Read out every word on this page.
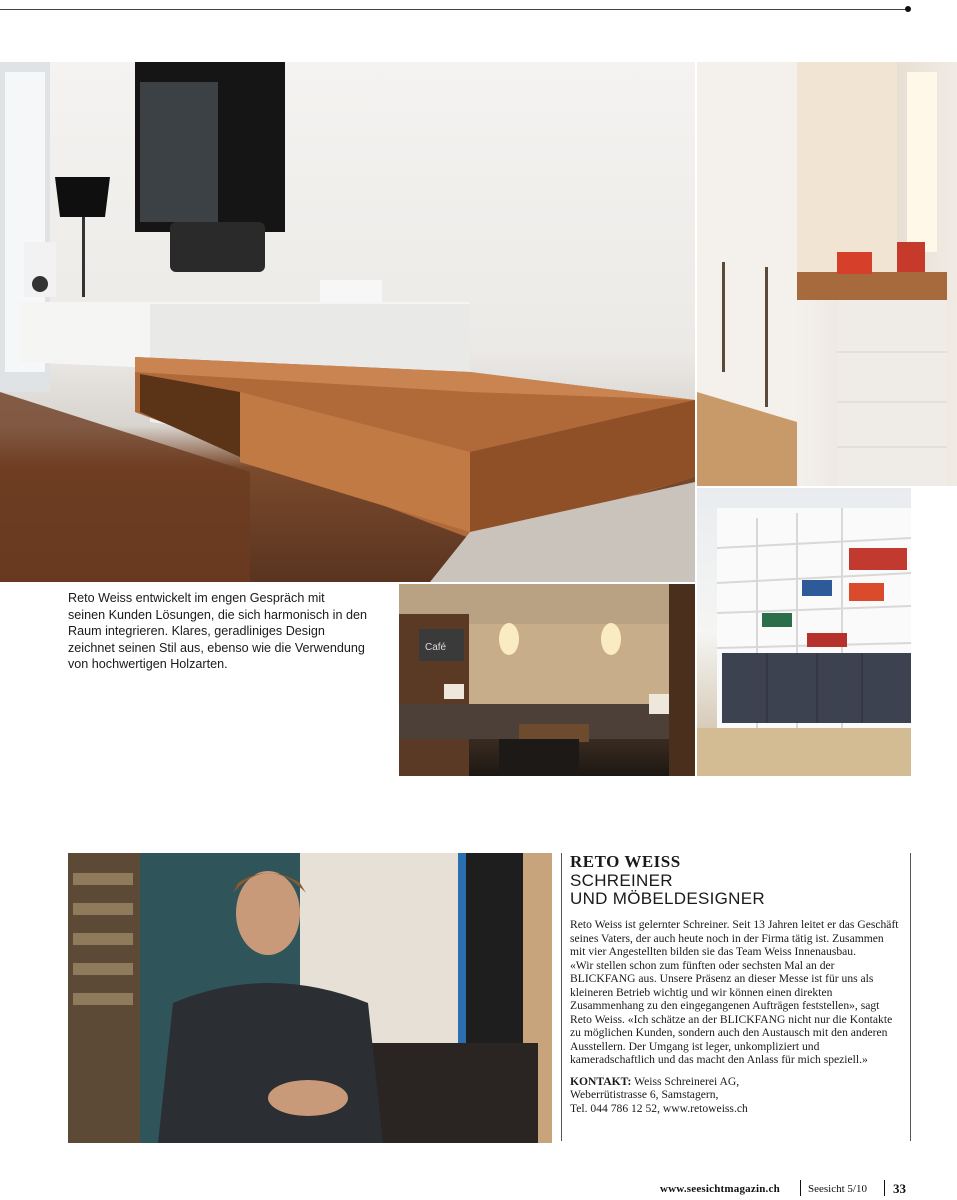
Café
Reto Weiss entwickelt im engen Gespräch mit
seinen Kunden Lösungen, die sich harmonisch in den
Raum integrieren. Klares, geradliniges Design
zeichnet seinen Stil aus, ebenso wie die Verwendung
von hochwertigen Holzarten.
RETO WEISS
SCHREINER
UND MÖBELDESIGNER

Reto Weiss ist gelernter Schreiner. Seit 13 Jahren leitet er das Geschäft seines Vaters, der auch heute noch in der Firma tätig ist. Zusammen mit vier Angestellten bilden sie das Team Weiss Innenausbau.

«Wir stellen schon zum fünften oder sechsten Mal an der BLICKFANG aus. Unsere Präsenz an dieser Messe ist für uns als kleineren Betrieb wichtig und wir können einen direkten Zusammenhang zu den eingegangenen Aufträgen feststellen», sagt Reto Weiss. «Ich schätze an der BLICKFANG nicht nur die Kontakte zu möglichen Kunden, sondern auch den Austausch mit den anderen Ausstellern. Der Umgang ist leger, unkompliziert und kameradschaftlich und das macht den Anlass für mich speziell.»

KONTAKT: Weiss Schreinerei AG,
Weberrütistrasse 6, Samstagern,
Tel. 044 786 12 52, www.retoweiss.ch
www.seesichtmagazin.ch	Seesicht 5/10 33
